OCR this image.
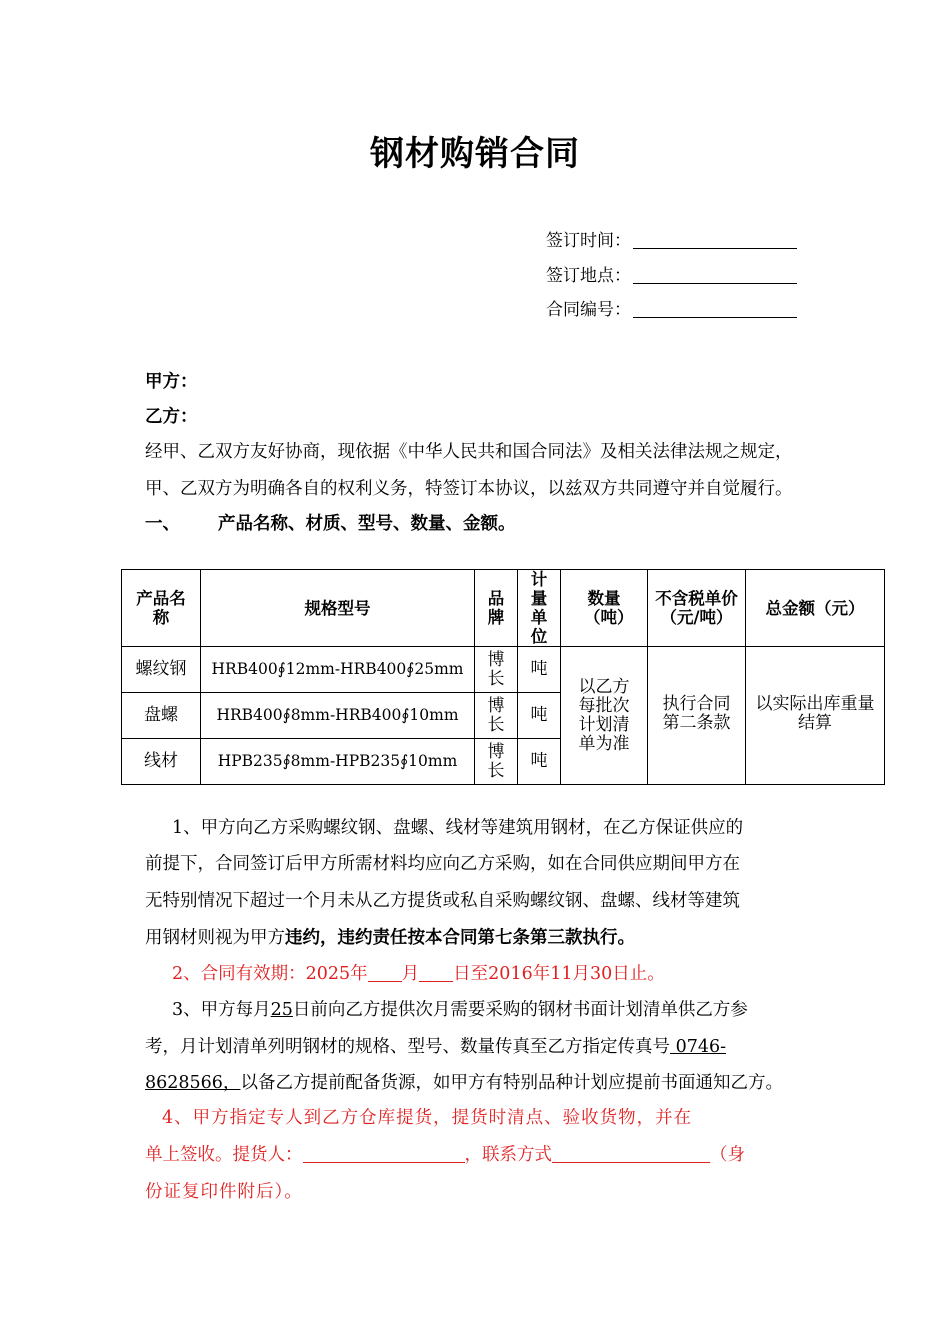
钢材购销合同
签订时间：
签订地点：
合同编号：
甲方：
乙方：
经甲、乙双方友好协商，现依据《中华人民共和国合同法》及相关法律法规之规定，
甲、乙双方为明确各自的权利义务，特签订本协议，以兹双方共同遵守并自觉履行。
一、 产品名称、材质、型号、数量、金额。
产品名称	规格型号	品牌	计量单位	数量（吨）	不含税单价（元/吨）	总金额（元）
螺纹钢	HRB400∮12mm-HRB400∮25mm	博长	吨	以乙方每批次计划清单为准	执行合同第二条款	以实际出库重量结算
盘螺	HRB400∮8mm-HRB400∮10mm	博长	吨			
线材	HPB235∮8mm-HPB235∮10mm	博长	吨			
1、甲方向乙方采购螺纹钢、盘螺、线材等建筑用钢材，在乙方保证供应的
前提下，合同签订后甲方所需材料均应向乙方采购，如在合同供应期间甲方在
无特别情况下超过一个月未从乙方提货或私自采购螺纹钢、盘螺、线材等建筑
用钢材则视为甲方违约，违约责任按本合同第七条第三款执行。
2、合同有效期：2025年 月 日至2016年11月30日止。
3、甲方每月25日前向乙方提供次月需要采购的钢材书面计划清单供乙方参
考，月计划清单列明钢材的规格、型号、数量传真至乙方指定传真号 0746-
8628566，以备乙方提前配备货源，如甲方有特别品种计划应提前书面通知乙方。
4、甲方指定专人到乙方仓库提货，提货时清点、验收货物，并在
单上签收。提货人：	，联系方式	（身
份证复印件附后）。
